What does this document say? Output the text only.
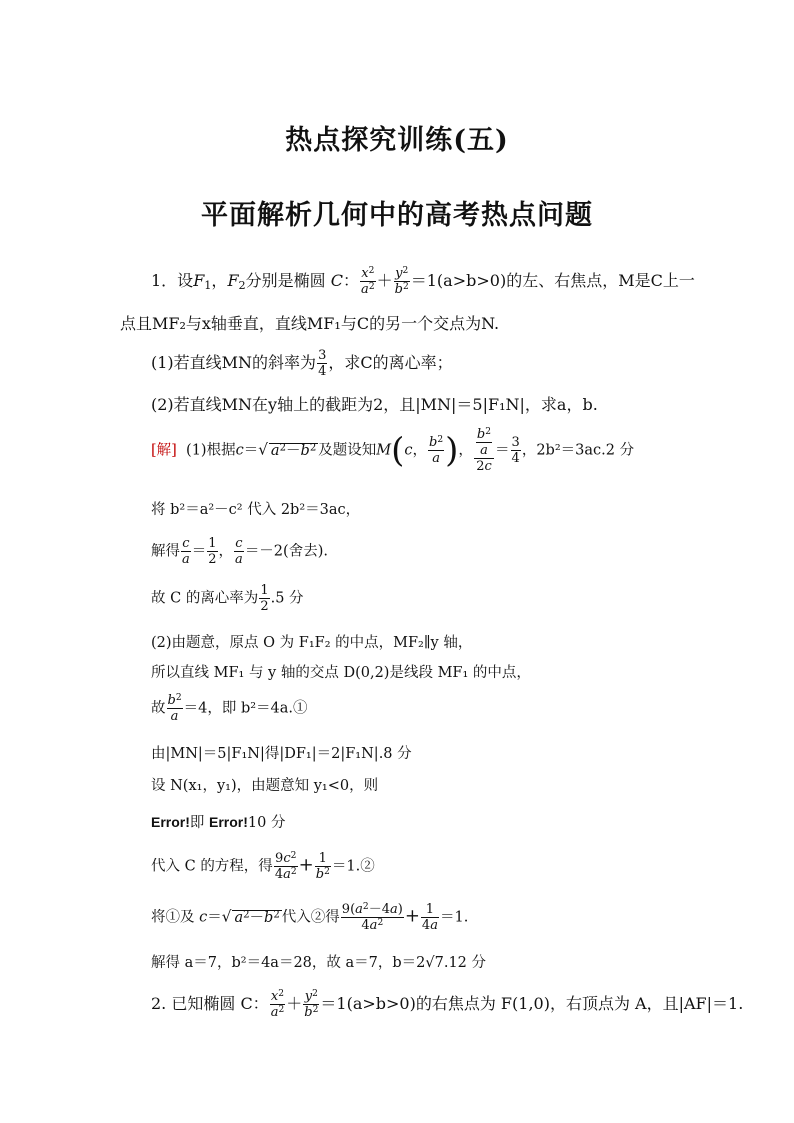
热点探究训练(五)
平面解析几何中的高考热点问题
1．设$F_1$，$F_2$分别是椭圆 C： $\frac{x^2}{a^2} + \frac{y^2}{b^2} =1(a>b>0)$的左、右焦点，M是C上一
点且MF₂与x轴垂直，直线MF₁与C的另一个交点为N.
(1)若直线MN的斜率为 $\frac{3}{4}$ ，求C的离心率；
(2)若直线MN在y轴上的截距为2，且|MN|＝5|F₁N|，求a，b.
[解] (1)根据c＝√ $a^2-b^2$ 及题设知M(c， $\frac{b^2}{a}$ )， $\frac{\frac{b^2}{a}}{2c} = \frac{3}{4}$ ，2b²＝3ac.2 分
将 b²＝a²－c² 代入 2b²＝3ac，
解得 $\frac{c}{a} = \frac{1}{2}$ ， $\frac{c}{a} =-2$(舍去).
故 C 的离心率为 $\frac{1}{2} .5$ 分
(2)由题意，原点 O 为 F₁F₂ 的中点，MF₂∥y 轴，
所以直线 MF₁ 与 y 轴的交点 D(0,2)是线段 MF₁ 的中点，
故 $\frac{b^2}{a} =4$，即 b²＝4a.①
由|MN|＝5|F₁N|得|DF₁|＝2|F₁N|.8 分
设 N(x₁，y₁)，由题意知 y₁<0，则
Error!即 Error!10 分
代入 C 的方程，得 $\frac{9c^2}{4a^2} + \frac{1}{b^2}$ ＝1.②
将①及 c＝√ $a^2-b^2$ 代入②得 $\frac{9(a^2-4a)}{4a^2} + \frac{1}{4a} =1$.
解得 a＝7，b²＝4a＝28，故 a＝7，b＝2√7.12 分
2. 已知椭圆 C： $\frac{x^2}{a^2} + \frac{y^2}{b^2} =1(a>b>0)$的右焦点为 F(1,0)，右顶点为 A，且|AF|＝1.
